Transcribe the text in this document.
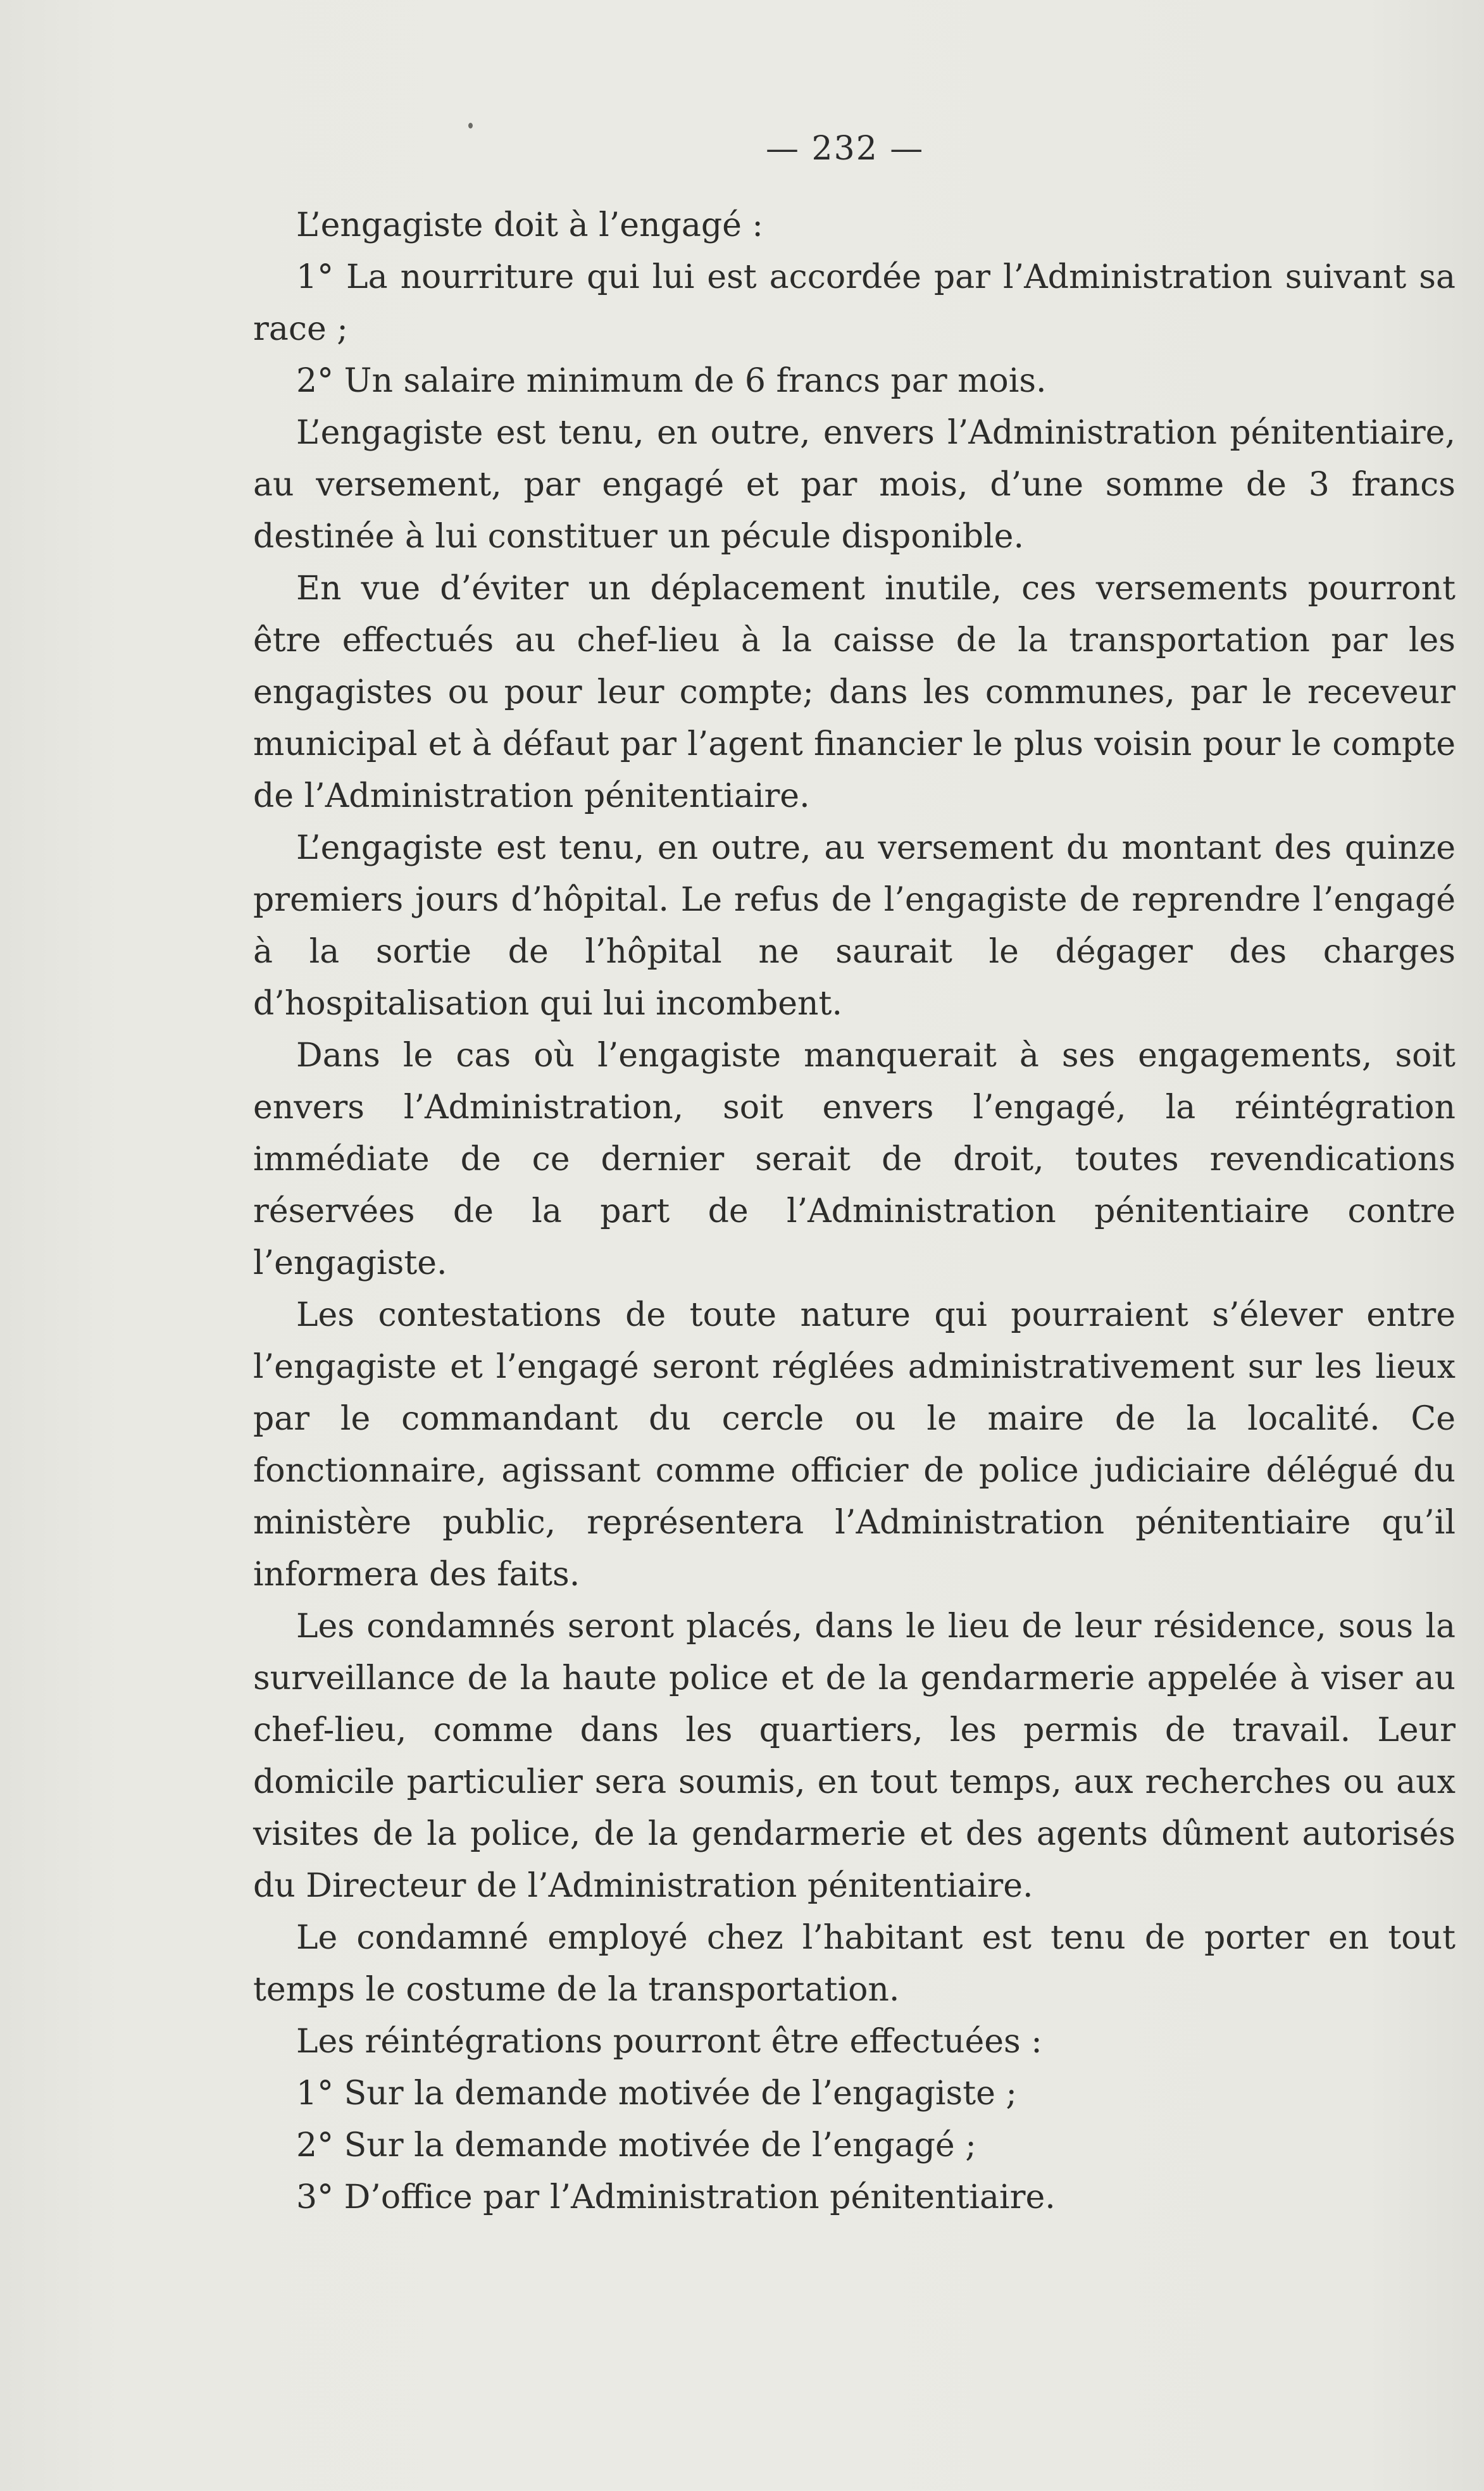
— 232 —

L’engagiste doit à l’engagé :

1° La nourriture qui lui est accordée par l’Administration suivant sa race ;

2° Un salaire minimum de 6 francs par mois.

L’engagiste est tenu, en outre, envers l’Administration pénitentiaire, au versement, par engagé et par mois, d’une somme de 3 francs destinée à lui constituer un pécule disponible.

En vue d’éviter un déplacement inutile, ces versements pourront être effectués au chef-lieu à la caisse de la transportation par les engagistes ou pour leur compte; dans les communes, par le receveur municipal et à défaut par l’agent financier le plus voisin pour le compte de l’Administration pénitentiaire.

L’engagiste est tenu, en outre, au versement du montant des quinze premiers jours d’hôpital. Le refus de l’engagiste de reprendre l’engagé à la sortie de l’hôpital ne saurait le dégager des charges d’hospitalisation qui lui incombent.

Dans le cas où l’engagiste manquerait à ses engagements, soit envers l’Administration, soit envers l’engagé, la réintégration immédiate de ce dernier serait de droit, toutes revendications réservées de la part de l’Administration pénitentiaire contre l’engagiste.

Les contestations de toute nature qui pourraient s’élever entre l’engagiste et l’engagé seront réglées administrativement sur les lieux par le commandant du cercle ou le maire de la localité. Ce fonctionnaire, agissant comme officier de police judiciaire délégué du ministère public, représentera l’Administration pénitentiaire qu’il informera des faits.

Les condamnés seront placés, dans le lieu de leur résidence, sous la surveillance de la haute police et de la gendarmerie appelée à viser au chef-lieu, comme dans les quartiers, les permis de travail. Leur domicile particulier sera soumis, en tout temps, aux recherches ou aux visites de la police, de la gendarmerie et des agents dûment autorisés du Directeur de l’Administration pénitentiaire.

Le condamné employé chez l’habitant est tenu de porter en tout temps le costume de la transportation.

Les réintégrations pourront être effectuées :

1° Sur la demande motivée de l’engagiste ;

2° Sur la demande motivée de l’engagé ;

3° D’office par l’Administration pénitentiaire.
